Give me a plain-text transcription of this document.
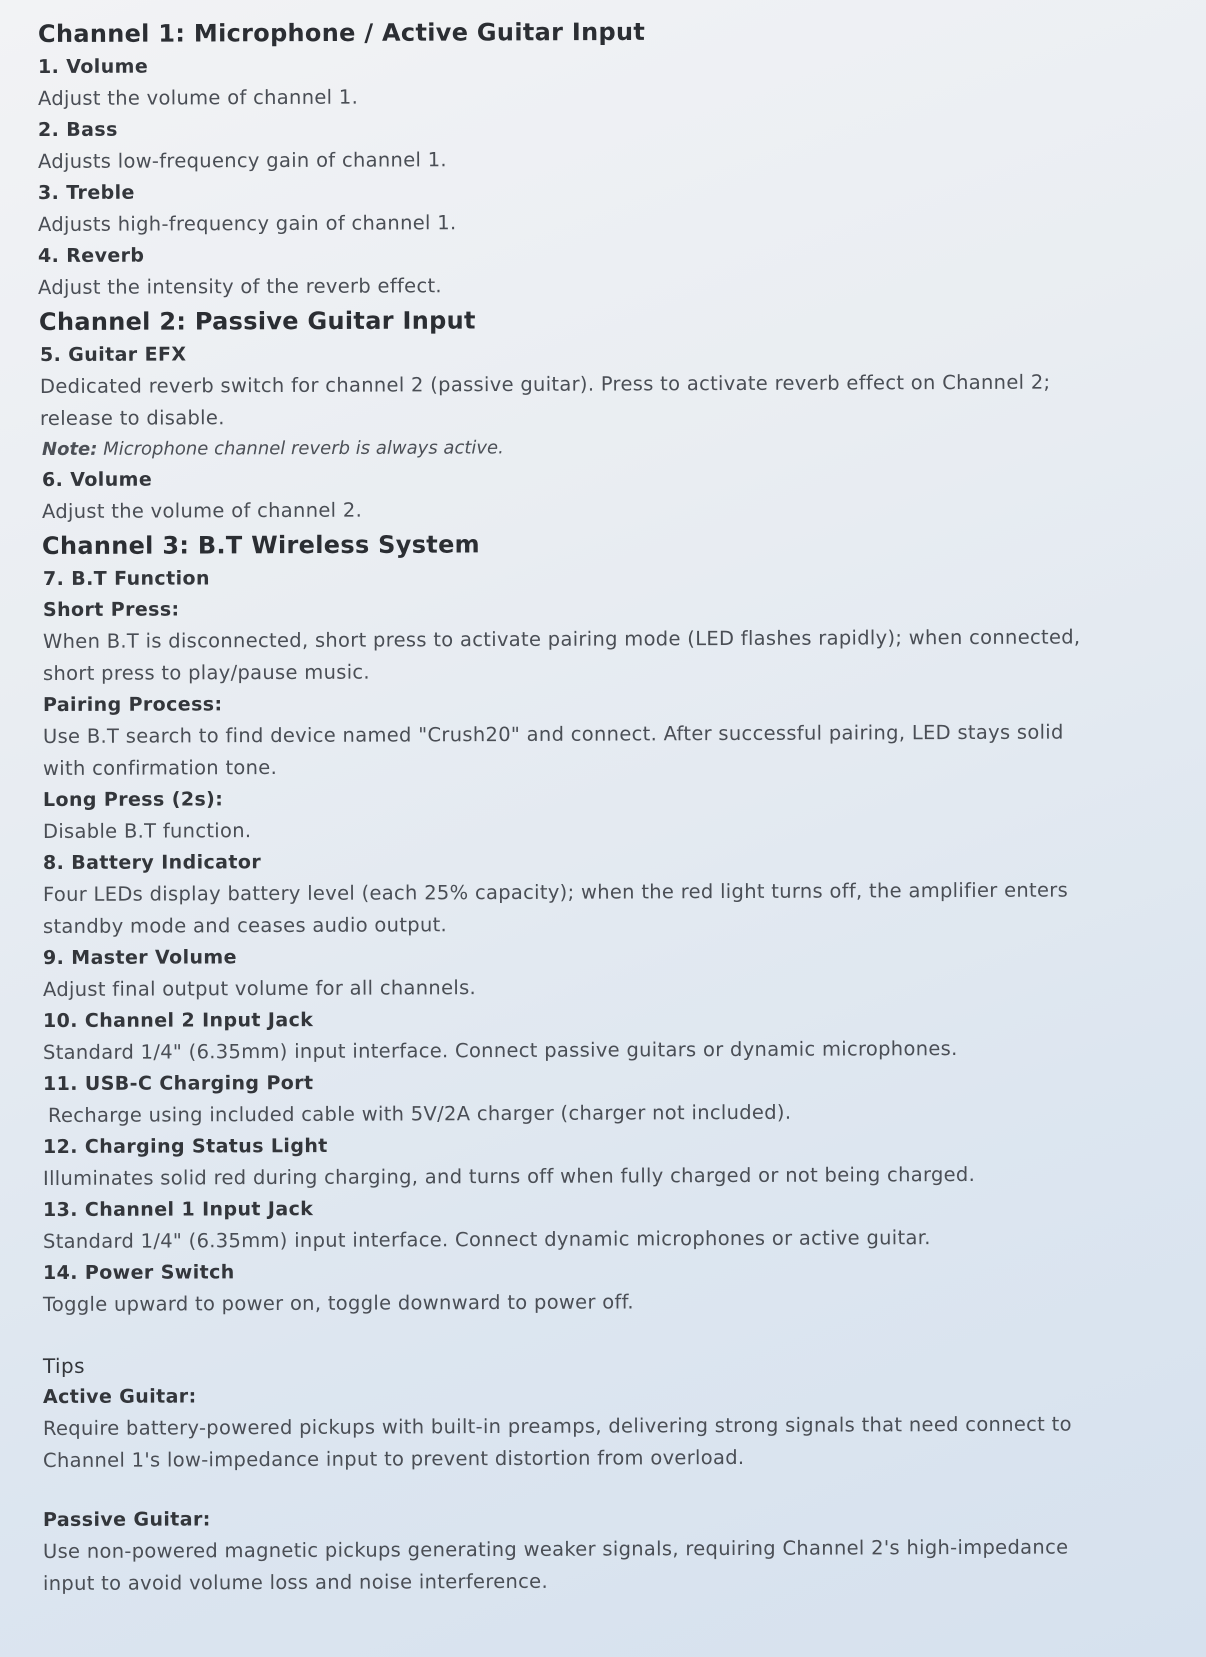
Channel 1: Microphone / Active Guitar Input
1. Volume
Adjust the volume of channel 1.
2. Bass
Adjusts low-frequency gain of channel 1.
3. Treble
Adjusts high-frequency gain of channel 1.
4. Reverb
Adjust the intensity of the reverb effect.
Channel 2: Passive Guitar Input
5. Guitar EFX
Dedicated reverb switch for channel 2 (passive guitar). Press to activate reverb effect on Channel 2;
release to disable.
Note: Microphone channel reverb is always active.
6. Volume
Adjust the volume of channel 2.
Channel 3: B.T Wireless System
7. B.T Function
Short Press:
When B.T is disconnected, short press to activate pairing mode (LED flashes rapidly); when connected,
short press to play/pause music.
Pairing Process:
Use B.T search to find device named "Crush20" and connect. After successful pairing, LED stays solid
with confirmation tone.
Long Press (2s):
Disable B.T function.
8. Battery Indicator
Four LEDs display battery level (each 25% capacity); when the red light turns off, the amplifier enters
standby mode and ceases audio output.
9. Master Volume
Adjust final output volume for all channels.
10. Channel 2 Input Jack
Standard 1/4" (6.35mm) input interface. Connect passive guitars or dynamic microphones.
11. USB-C Charging Port
Recharge using included cable with 5V/2A charger (charger not included).
12. Charging Status Light
Illuminates solid red during charging, and turns off when fully charged or not being charged.
13. Channel 1 Input Jack
Standard 1/4" (6.35mm) input interface. Connect dynamic microphones or active guitar.
14. Power Switch
Toggle upward to power on, toggle downward to power off.
Tips
Active Guitar:
Require battery-powered pickups with built-in preamps, delivering strong signals that need connect to
Channel 1's low-impedance input to prevent distortion from overload.
Passive Guitar:
Use non-powered magnetic pickups generating weaker signals, requiring Channel 2's high-impedance
input to avoid volume loss and noise interference.
